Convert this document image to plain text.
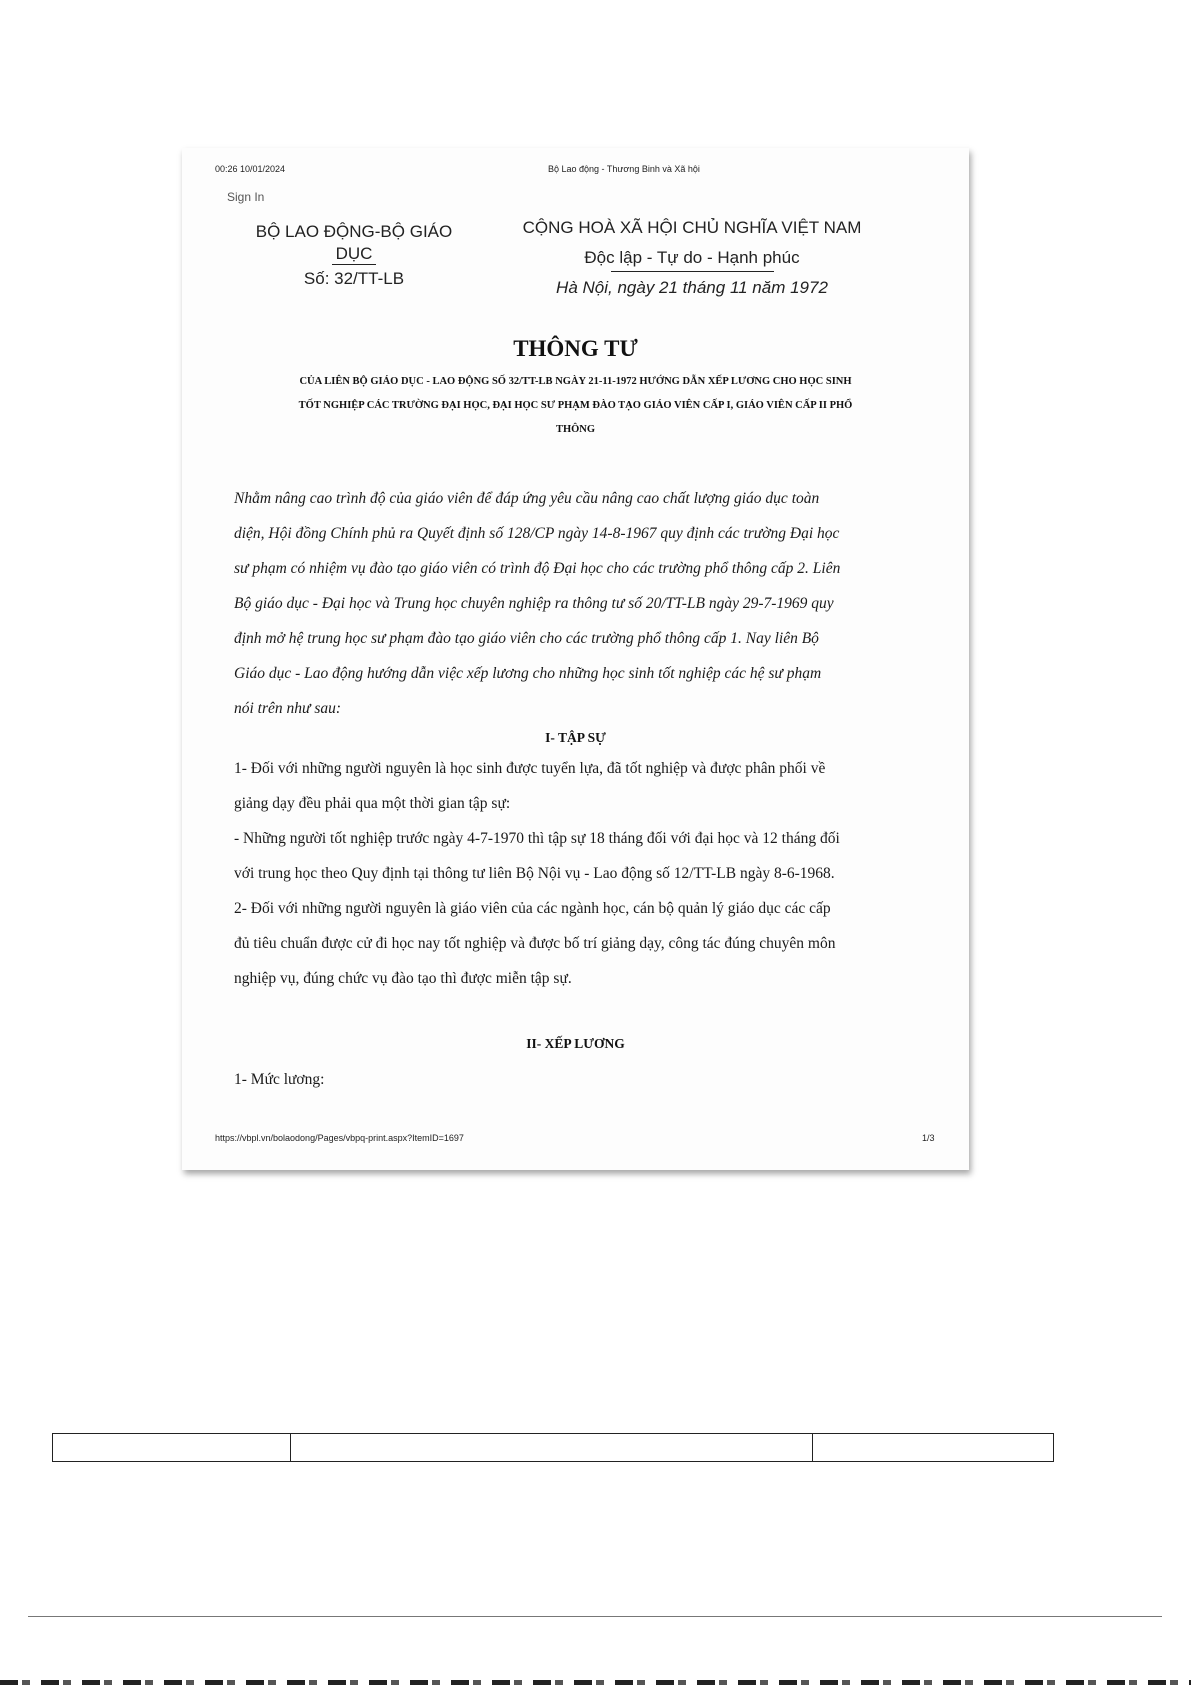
00:26 10/01/2024	Bộ Lao động - Thương Binh và Xã hội
Sign In
BỘ LAO ĐỘNG-BỘ GIÁO
DỤC
Số: 32/TT-LB
CỘNG HOÀ XÃ HỘI CHỦ NGHĨA VIỆT NAM
Độc lập - Tự do - Hạnh phúc
Hà Nội, ngày 21 tháng 11 năm 1972
THÔNG TƯ
CỦA LIÊN BỘ GIÁO DỤC - LAO ĐỘNG SỐ 32/TT-LB NGÀY 21-11-1972 HƯỚNG DẪN XẾP LƯƠNG CHO HỌC SINH
TỐT NGHIỆP CÁC TRƯỜNG ĐẠI HỌC, ĐẠI HỌC SƯ PHẠM ĐÀO TẠO GIÁO VIÊN CẤP I, GIÁO VIÊN CẤP II PHỔ
THÔNG
Nhằm nâng cao trình độ của giáo viên để đáp ứng yêu cầu nâng cao chất lượng giáo dục toàn
diện, Hội đồng Chính phủ ra Quyết định số 128/CP ngày 14-8-1967 quy định các trường Đại học
sư phạm có nhiệm vụ đào tạo giáo viên có trình độ Đại học cho các trường phổ thông cấp 2. Liên
Bộ giáo dục - Đại học và Trung học chuyên nghiệp ra thông tư số 20/TT-LB ngày 29-7-1969 quy
định mở hệ trung học sư phạm đào tạo giáo viên cho các trường phổ thông cấp 1. Nay liên Bộ
Giáo dục - Lao động hướng dẫn việc xếp lương cho những học sinh tốt nghiệp các hệ sư phạm
nói trên như sau:
I- TẬP SỰ
1- Đối với những người nguyên là học sinh được tuyển lựa, đã tốt nghiệp và được phân phối về
giảng dạy đều phải qua một thời gian tập sự:
- Những người tốt nghiệp trước ngày 4-7-1970 thì tập sự 18 tháng đối với đại học và 12 tháng đối
với trung học theo Quy định tại thông tư liên Bộ Nội vụ - Lao động số 12/TT-LB ngày 8-6-1968.
2- Đối với những người nguyên là giáo viên của các ngành học, cán bộ quản lý giáo dục các cấp
đủ tiêu chuẩn được cử đi học nay tốt nghiệp và được bố trí giảng dạy, công tác đúng chuyên môn
nghiệp vụ, đúng chức vụ đào tạo thì được miễn tập sự.
II- XẾP LƯƠNG
1- Mức lương:
https://vbpl.vn/bolaodong/Pages/vbpq-print.aspx?ItemID=1697	1/3
